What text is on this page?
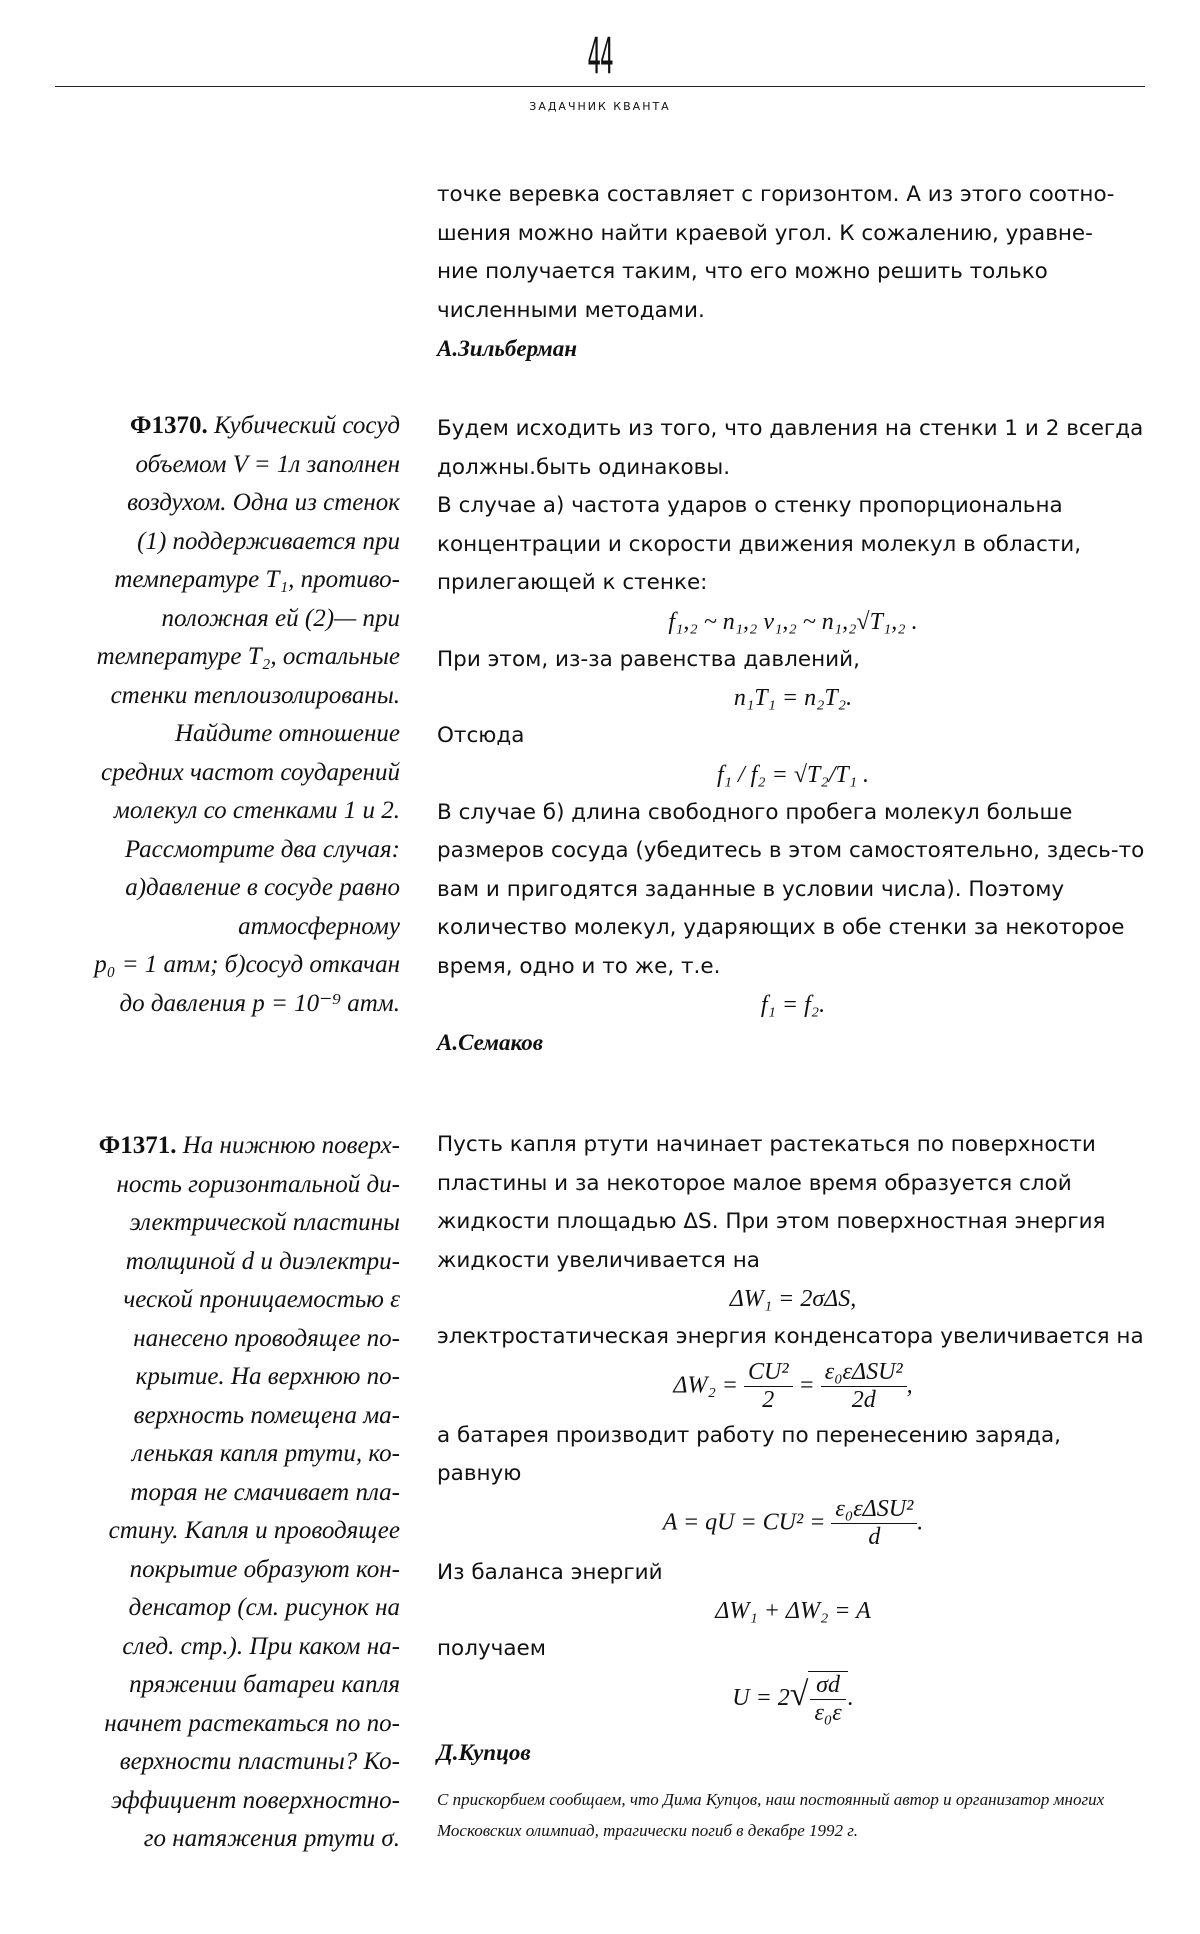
44
ЗАДАЧНИК КВАНТА

точке веревка составляет с горизонтом. А из этого соотно-

шения можно найти краевой угол. К сожалению, уравне-

ние получается таким, что его можно решить только

численными методами.

А.Зильберман

Ф1370. Кубический сосуд
объемом V = 1л заполнен
воздухом. Одна из стенок
(1) поддерживается при
температуре T₁, противо-
положная ей (2)— при
температуре T₂, остальные
стенки теплоизолированы.
Найдите отношение
средних частот соударений
молекул со стенками 1 и 2.
Рассмотрите два случая:
а)давление в сосуде равно
атмосферному
p₀ = 1 атм; б)сосуд откачан
до давления p = 10⁻⁹ атм.

Будем исходить из того, что давления на стенки 1 и 2 всегда должны.быть одинаковы.

В случае а) частота ударов о стенку пропорциональна концентрации и скорости движения молекул в области, прилегающей к стенке:

f₁,₂ ~ n₁,₂ v₁,₂ ~ n₁,₂√T₁,₂ .

При этом, из-за равенства давлений,

n₁T₁ = n₂T₂.

Отсюда

f₁ / f₂ = √T₂/T₁ .

В случае б) длина свободного пробега молекул больше размеров сосуда (убедитесь в этом самостоятельно, здесь-то вам и пригодятся заданные в условии числа). Поэтому количество молекул, ударяющих в обе стенки за некоторое время, одно и то же, т.е.

f₁ = f₂.

А.Семаков

Ф1371. На нижнюю поверх-
ность горизонтальной ди-
электрической пластины
толщиной d и диэлектри-
ческой проницаемостью ε
нанесено проводящее по-
крытие. На верхнюю по-
верхность помещена ма-
ленькая капля ртути, ко-
торая не смачивает пла-
стину. Капля и проводящее
покрытие образуют кон-
денсатор (см. рисунок на
след. стр.). При каком на-
пряжении батареи капля
начнет растекаться по по-
верхности пластины? Ко-
эффициент поверхностно-
го натяжения ртути σ.

Пусть капля ртути начинает растекаться по поверхности пластины и за некоторое малое время образуется слой жидкости площадью ΔS. При этом поверхностная энергия жидкости увеличивается на

ΔW₁ = 2σΔS,

электростатическая энергия конденсатора увеличивается на

$\Delta W_2 = \frac{\text{CU²}}{2} = \frac{\text{ε₀εΔSU²}}{2d}$ ,

а батарея производит работу по перенесению заряда, равную

A = qU = $CU^2 = \frac{\text{ε₀εΔSU²}}{d}$ .

Из баланса энергий

ΔW₁ + ΔW₂ = A

получаем

$U = 2√ \frac{\sigma d}{\text{ε₀ε}}$ .

Д.Купцов

С прискорбием сообщаем, что Дима Купцов, наш постоянный автор и организатор многих Московских олимпиад, трагически погиб в декабре 1992 г.
